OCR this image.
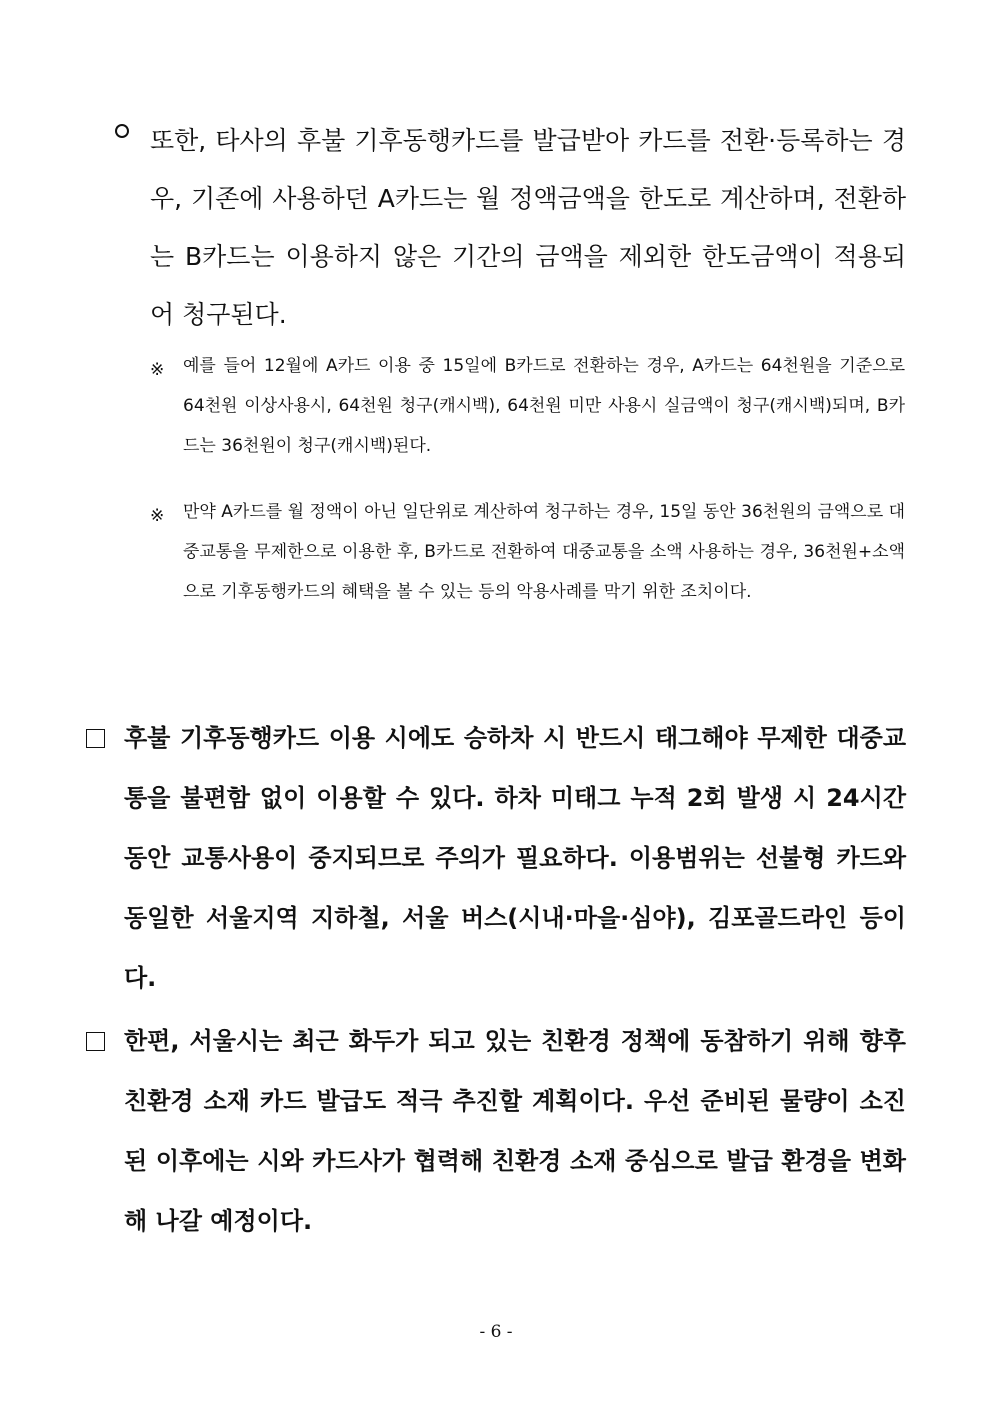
또한, 타사의 후불 기후동행카드를 발급받아 카드를 전환·등록하는 경우, 기존에 사용하던 A카드는 월 정액금액을 한도로 계산하며, 전환하는 B카드는 이용하지 않은 기간의 금액을 제외한 한도금액이 적용되어 청구된다.

※ 예를 들어 12월에 A카드 이용 중 15일에 B카드로 전환하는 경우, A카드는 64천원을 기준으로 64천원 이상사용시, 64천원 청구(캐시백), 64천원 미만 사용시 실금액이 청구(캐시백)되며, B카드는 36천원이 청구(캐시백)된다.

※ 만약 A카드를 월 정액이 아닌 일단위로 계산하여 청구하는 경우, 15일 동안 36천원의 금액으로 대중교통을 무제한으로 이용한 후, B카드로 전환하여 대중교통을 소액 사용하는 경우, 36천원+소액으로 기후동행카드의 혜택을 볼 수 있는 등의 악용사례를 막기 위한 조치이다.

후불 기후동행카드 이용 시에도 승하차 시 반드시 태그해야 무제한 대중교통을 불편함 없이 이용할 수 있다. 하차 미태그 누적 2회 발생 시 24시간 동안 교통사용이 중지되므로 주의가 필요하다. 이용범위는 선불형 카드와 동일한 서울지역 지하철, 서울 버스(시내·마을·심야), 김포골드라인 등이다.

한편, 서울시는 최근 화두가 되고 있는 친환경 정책에 동참하기 위해 향후 친환경 소재 카드 발급도 적극 추진할 계획이다. 우선 준비된 물량이 소진된 이후에는 시와 카드사가 협력해 친환경 소재 중심으로 발급 환경을 변화해 나갈 예정이다.

- 6 -
